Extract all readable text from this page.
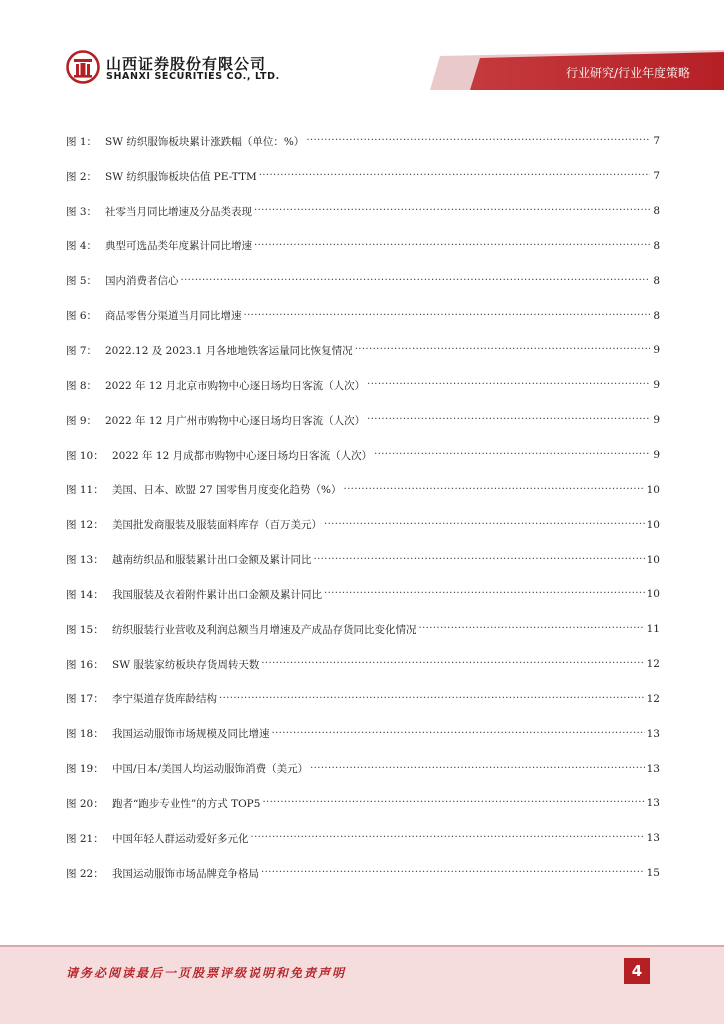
山西证券股份有限公司
SHANXI SECURITIES CO., LTD.	行业研究/行业年度策略
图 1： SW 纺织服饰板块累计涨跌幅（单位：%） .....	7
图 2： SW 纺织服饰板块估值 PE-TTM .....	7
图 3： 社零当月同比增速及分品类表现 .....	8
图 4： 典型可选品类年度累计同比增速 .....	8
图 5： 国内消费者信心 .....	8
图 6： 商品零售分渠道当月同比增速 .....	8
图 7： 2022.12 及 2023.1 月各地地铁客运量同比恢复情况 .....	9
图 8： 2022 年 12 月北京市购物中心逐日场均日客流（人次） .....	9
图 9： 2022 年 12 月广州市购物中心逐日场均日客流（人次） .....	9
图 10： 2022 年 12 月成都市购物中心逐日场均日客流（人次） .....	9
图 11： 美国、日本、欧盟 27 国零售月度变化趋势（%） .....	10
图 12： 美国批发商服装及服装面料库存（百万美元） .....	10
图 13： 越南纺织品和服装累计出口金额及累计同比 .....	10
图 14： 我国服装及衣着附件累计出口金额及累计同比 .....	10
图 15： 纺织服装行业营收及利润总额当月增速及产成品存货同比变化情况 .....	11
图 16： SW 服装家纺板块存货周转天数 .....	12
图 17： 李宁渠道存货库龄结构 .....	12
图 18： 我国运动服饰市场规模及同比增速 .....	13
图 19： 中国/日本/美国人均运动服饰消费（美元） .....	13
图 20： 跑者“跑步专业性”的方式 TOP5 .....	13
图 21： 中国年轻人群运动爱好多元化 .....	13
图 22： 我国运动服饰市场品牌竞争格局 .....	15
请务必阅读最后一页股票评级说明和免责声明	4
